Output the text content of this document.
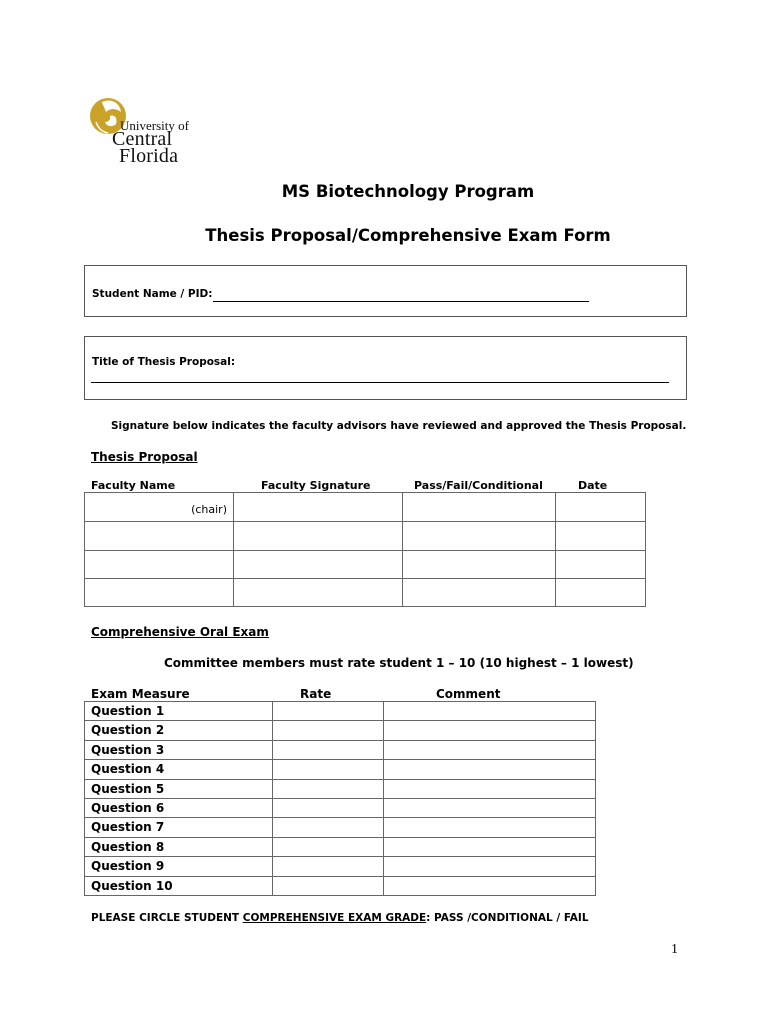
University of
Central
Florida
MS Biotechnology Program
Thesis Proposal/Comprehensive Exam Form
Student Name / PID:
Title of Thesis Proposal:
Signature below indicates the faculty advisors have reviewed and approved the Thesis Proposal.
Thesis Proposal
Faculty Name	Faculty Signature	Pass/Fail/Conditional	Date
(chair)			

Comprehensive Oral Exam
Committee members must rate student 1 – 10 (10 highest – 1 lowest)
Exam Measure	Rate	Comment
Question 1		
Question 2		
Question 3		
Question 4		
Question 5		
Question 6		
Question 7		
Question 8		
Question 9		
Question 10		
PLEASE CIRCLE STUDENT COMPREHENSIVE EXAM GRADE: PASS /CONDITIONAL / FAIL
1
